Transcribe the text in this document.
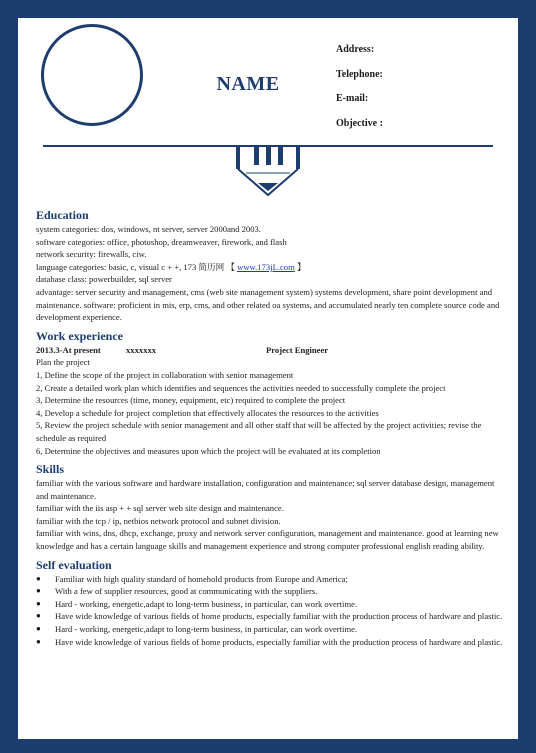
NAME
Address:
Telephone:
E-mail:
Objective :
Education

system categories: dos, windows, nt server, server 2000and 2003.

software categories: office, photoshop, dreamweaver, firework, and flash

network security: firewalls, ciw.

language categories: basic, c, visual c + +, 173 简历网 【 www.173jL.com 】

database class: powerbuilder, sql server

advantage: server security and management, cms (web site management system) systems development, share point development and maintenance. software: proficient in mis, erp, cms, and other related oa systems, and accumulated nearly ten complete source code and development experience.

Work experience
2013.3-At present	xxxxxxx	Project Engineer

Plan the project

1, Define the scope of the project in collaboration with senior management

2, Create a detailed work plan which identifies and sequences the activities needed to successfully complete the project

3, Determine the resources (time, money, equipment, etc) required to complete the project

4, Develop a schedule for project completion that effectively allocates the resources to the activities

5, Review the project schedule with senior management and all other staff that will be affected by the project activities; revise the schedule as required

6, Determine the objectives and measures upon which the project will be evaluated at its completion

Skills

familiar with the various software and hardware installation, configuration and maintenance; sql server database design, management and maintenance.

familiar with the iis asp + + sql server web site design and maintenance.

familiar with the tcp / ip, netbios network protocol and subnet division.

familiar with wins, dns, dhcp, exchange, proxy and network server configuration, management and maintenance. good at learning new knowledge and has a certain language skills and management experience and strong computer professional english reading ability.

Self evaluation
● Familiar with high quality standard of homehold products from Europe and America;
● With a few of supplier resources, good at communicating with the suppliers.
● Hard - working, energetic,adapt to long-term business, in particular, can work overtime.
● Have wide knowledge of various fields of home products, especially familiar with the production process of hardware and plastic.
● Hard - working, energetic,adapt to long-term business, in particular, can work overtime.
● Have wide knowledge of various fields of home products, especially familiar with the production process of hardware and plastic.
